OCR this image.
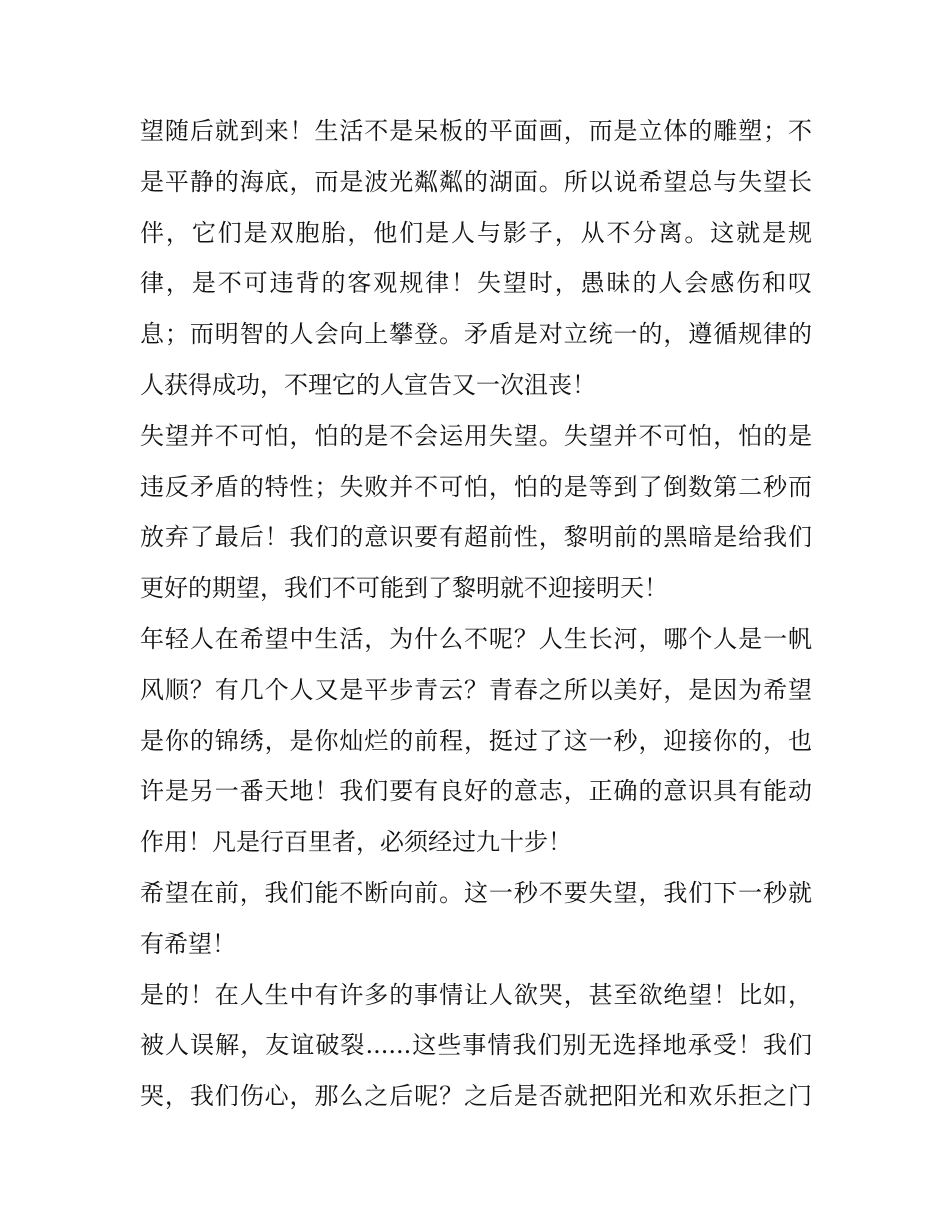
望随后就到来！生活不是呆板的平面画，而是立体的雕塑；不
是平静的海底，而是波光粼粼的湖面。所以说希望总与失望长
伴，它们是双胞胎，他们是人与影子，从不分离。这就是规
律，是不可违背的客观规律！失望时，愚昧的人会感伤和叹
息；而明智的人会向上攀登。矛盾是对立统一的，遵循规律的
人获得成功，不理它的人宣告又一次沮丧！
失望并不可怕，怕的是不会运用失望。失望并不可怕，怕的是
违反矛盾的特性；失败并不可怕，怕的是等到了倒数第二秒而
放弃了最后！我们的意识要有超前性，黎明前的黑暗是给我们
更好的期望，我们不可能到了黎明就不迎接明天！
年轻人在希望中生活，为什么不呢？人生长河，哪个人是一帆
风顺？有几个人又是平步青云？青春之所以美好，是因为希望
是你的锦绣，是你灿烂的前程，挺过了这一秒，迎接你的，也
许是另一番天地！我们要有良好的意志，正确的意识具有能动
作用！凡是行百里者，必须经过九十步！
希望在前，我们能不断向前。这一秒不要失望，我们下一秒就
有希望！
是的！在人生中有许多的事情让人欲哭，甚至欲绝望！比如，
被人误解，友谊破裂......这些事情我们别无选择地承受！我们
哭，我们伤心，那么之后呢？之后是否就把阳光和欢乐拒之门
